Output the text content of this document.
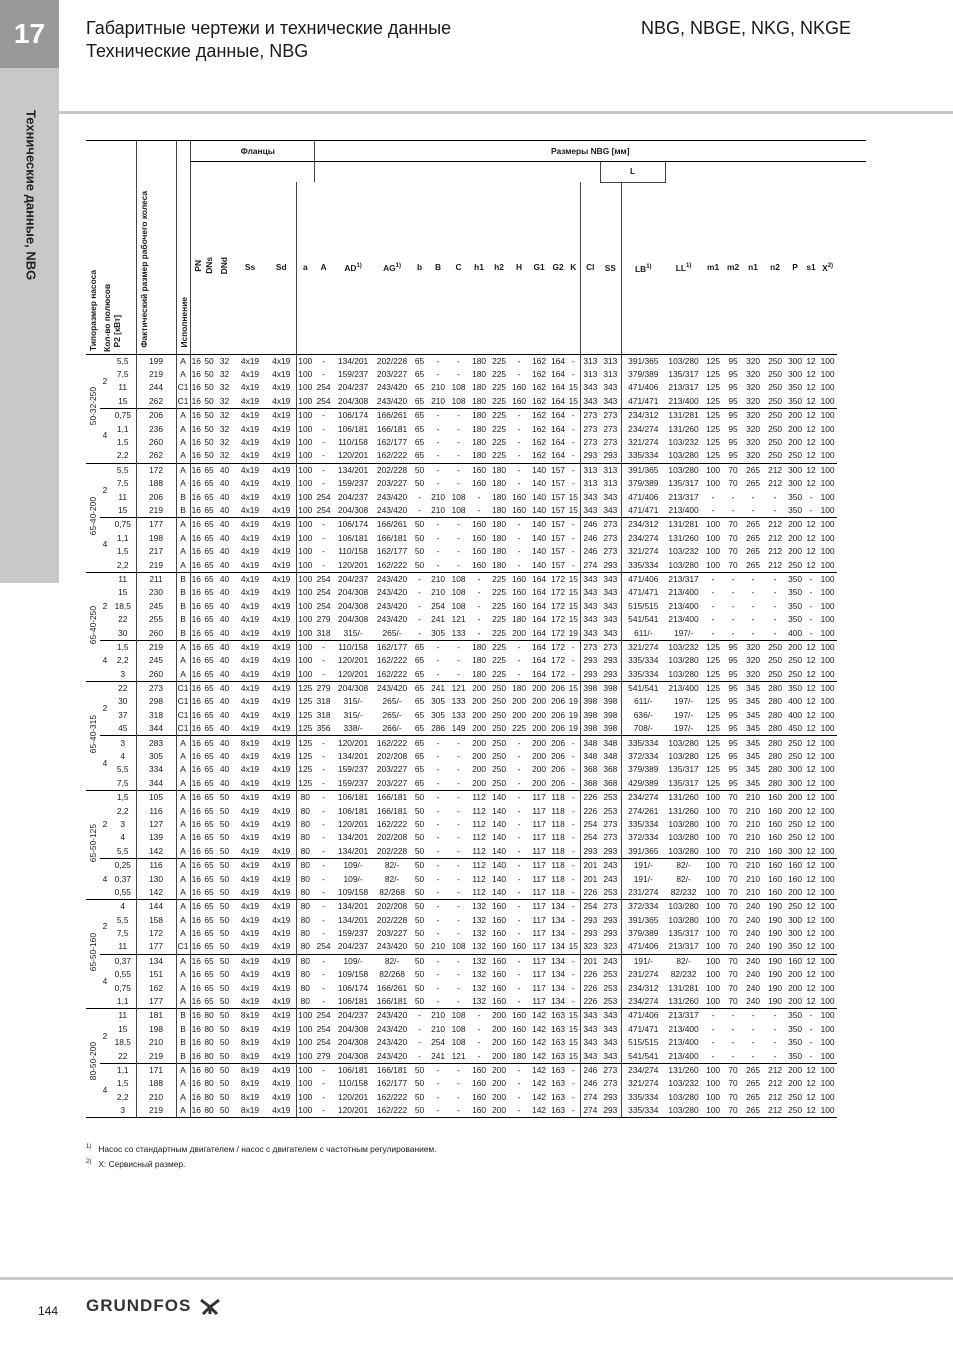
17
Технические данные, NBG
Габаритные чертежи и технические данные
Технические данные, NBG
NBG, NBGE, NKG, NKGE
Типоразмер насоса Кол-во полюсов		P2 [кВт]	Фактический размер рабочего колеса	Исполнение		Фланцы					Размеры NBG [мм]																						
																								L									
					PN	DNs	DNd	Ss	Sd	a	A	AD$^{1)}$	AG$^{1)}$	b	B	C	h1	h2	H	G1	G2	K	Cl	SS	LB$^{1)}$	LL$^{1)}$	m1	m2	n1	n2	P	s1	$X^{2)}$
50-32-250	2	5,5	199	A	16	50	32	4x19	4x19	100	-	134/201	202/228	65	-	-	180	225	-	162	164	-	313	313	391/365	103/280	125	95	320	250	300	12	100
		7,5	219	A	16	50	32	4x19	4x19	100	-	159/237	203/227	65	-	-	180	225	-	162	164	-	313	313	379/389	135/317	125	95	320	250	300	12	100
		11	244	C1	16	50	32	4x19	4x19	100	254	204/237	243/420	65	210	108	180	225	160	162	164	15	343	343	471/406	213/317	125	95	320	250	350	12	100
		15	262	C1	16	50	32	4x19	4x19	100	254	204/308	243/420	65	210	108	180	225	160	162	164	15	343	343	471/471	213/400	125	95	320	250	350	12	100
	4	0,75	206	A	16	50	32	4x19	4x19	100	-	106/174	166/261	65	-	-	180	225	-	162	164	-	273	273	234/312	131/281	125	95	320	250	200	12	100
		1,1	236	A	16	50	32	4x19	4x19	100	-	106/181	166/181	65	-	-	180	225	-	162	164	-	273	273	234/274	131/260	125	95	320	250	200	12	100
		1,5	260	A	16	50	32	4x19	4x19	100	-	110/158	162/177	65	-	-	180	225	-	162	164	-	273	273	321/274	103/232	125	95	320	250	200	12	100
		2,2	262	A	16	50	32	4x19	4x19	100	-	120/201	162/222	65	-	-	180	225	-	162	164	-	293	293	335/334	103/280	125	95	320	250	250	12	100
65-40-200	2	5,5	172	A	16	65	40	4x19	4x19	100	-	134/201	202/228	50	-	-	160	180	-	140	157	-	313	313	391/365	103/280	100	70	265	212	300	12	100
		7,5	188	A	16	65	40	4x19	4x19	100	-	159/237	203/227	50	-	-	160	180	-	140	157	-	313	313	379/389	135/317	100	70	265	212	300	12	100
		11	206	B	16	65	40	4x19	4x19	100	254	204/237	243/420	-	210	108	-	180	160	140	157	15	343	343	471/406	213/317	-	-	-	-	350	-	100
		15	219	B	16	65	40	4x19	4x19	100	254	204/308	243/420	-	210	108	-	180	160	140	157	15	343	343	471/471	213/400	-	-	-	-	350	-	100
	4	0,75	177	A	16	65	40	4x19	4x19	100	-	106/174	166/261	50	-	-	160	180	-	140	157	-	246	273	234/312	131/281	100	70	265	212	200	12	100
		1,1	198	A	16	65	40	4x19	4x19	100	-	106/181	166/181	50	-	-	160	180	-	140	157	-	246	273	234/274	131/260	100	70	265	212	200	12	100
		1,5	217	A	16	65	40	4x19	4x19	100	-	110/158	162/177	50	-	-	160	180	-	140	157	-	246	273	321/274	103/232	100	70	265	212	200	12	100
		2,2	219	A	16	65	40	4x19	4x19	100	-	120/201	162/222	50	-	-	160	180	-	140	157	-	274	293	335/334	103/280	100	70	265	212	250	12	100
65-40-250	2	11	211	B	16	65	40	4x19	4x19	100	254	204/237	243/420	-	210	108	-	225	160	164	172	15	343	343	471/406	213/317	-	-	-	-	350	-	100
		15	230	B	16	65	40	4x19	4x19	100	254	204/308	243/420	-	210	108	-	225	160	164	172	15	343	343	471/471	213/400	-	-	-	-	350	-	100
		18,5	245	B	16	65	40	4x19	4x19	100	254	204/308	243/420	-	254	108	-	225	160	164	172	15	343	343	515/515	213/400	-	-	-	-	350	-	100
		22	255	B	16	65	40	4x19	4x19	100	279	204/308	243/420	-	241	121	-	225	180	164	172	15	343	343	541/541	213/400	-	-	-	-	350	-	100
		30	260	B	16	65	40	4x19	4x19	100	318	315/-	265/-	-	305	133	-	225	200	164	172	19	343	343	611/-	197/-	-	-	-	-	400	-	100
	4	1,5	219	A	16	65	40	4x19	4x19	100	-	110/158	162/177	65	-	-	180	225	-	164	172	-	273	273	321/274	103/232	125	95	320	250	200	12	100
		2,2	245	A	16	65	40	4x19	4x19	100	-	120/201	162/222	65	-	-	180	225	-	164	172	-	293	293	335/334	103/280	125	95	320	250	250	12	100
		3	260	A	16	65	40	4x19	4x19	100	-	120/201	162/222	65	-	-	180	225	-	164	172	-	293	293	335/334	103/280	125	95	320	250	250	12	100
65-40-315	2	22	273	C1	16	65	40	4x19	4x19	125	279	204/308	243/420	65	241	121	200	250	180	200	206	15	398	398	541/541	213/400	125	95	345	280	350	12	100
		30	298	C1	16	65	40	4x19	4x19	125	318	315/-	265/-	65	305	133	200	250	200	200	206	19	398	398	611/-	197/-	125	95	345	280	400	12	100
		37	318	C1	16	65	40	4x19	4x19	125	318	315/-	265/-	65	305	133	200	250	200	200	206	19	398	398	636/-	197/-	125	95	345	280	400	12	100
		45	344	C1	16	65	40	4x19	4x19	125	356	338/-	266/-	65	286	149	200	250	225	200	206	19	398	398	708/-	197/-	125	95	345	280	450	12	100
	4	3	283	A	16	65	40	8x19	4x19	125	-	120/201	162/222	65	-	-	200	250	-	200	206	-	348	348	335/334	103/280	125	95	345	280	250	12	100
		4	305	A	16	65	40	4x19	4x19	125	-	134/201	202/208	65	-	-	200	250	-	200	206	-	348	348	372/334	103/280	125	95	345	280	250	12	100
		5,5	334	A	16	65	40	4x19	4x19	125	-	159/237	203/227	65	-	-	200	250	-	200	206	-	368	368	379/389	135/317	125	95	345	280	300	12	100
		7,5	344	A	16	65	40	4x19	4x19	125	-	159/237	203/227	65	-	-	200	250	-	200	206	-	368	368	429/389	135/317	125	95	345	280	300	12	100
65-50-125	2	1,5	105	A	16	65	50	4x19	4x19	80	-	106/181	166/181	50	-	-	112	140	-	117	118	-	226	253	234/274	131/260	100	70	210	160	200	12	100
		2,2	116	A	16	65	50	4x19	4x19	80	-	106/181	166/181	50	-	-	112	140	-	117	118	-	226	253	274/261	131/260	100	70	210	160	200	12	100
		3	127	A	16	65	50	4x19	4x19	80	-	120/201	162/222	50	-	-	112	140	-	117	118	-	254	273	335/334	103/280	100	70	210	160	250	12	100
		4	139	A	16	65	50	4x19	4x19	80	-	134/201	202/208	50	-	-	112	140	-	117	118	-	254	273	372/334	103/280	100	70	210	160	250	12	100
		5,5	142	A	16	65	50	4x19	4x19	80	-	134/201	202/228	50	-	-	112	140	-	117	118	-	293	293	391/365	103/280	100	70	210	160	300	12	100
	4	0,25	116	A	16	65	50	4x19	4x19	80	-	109/-	82/-	50	-	-	112	140	-	117	118	-	201	243	191/-	82/-	100	70	210	160	160	12	100
		0,37	130	A	16	65	50	4x19	4x19	80	-	109/-	82/-	50	-	-	112	140	-	117	118	-	201	243	191/-	82/-	100	70	210	160	160	12	100
		0,55	142	A	16	65	50	4x19	4x19	80	-	109/158	82/268	50	-	-	112	140	-	117	118	-	226	253	231/274	82/232	100	70	210	160	200	12	100
65-50-160	2	4	144	A	16	65	50	4x19	4x19	80	-	134/201	202/208	50	-	-	132	160	-	117	134	-	254	273	372/334	103/280	100	70	240	190	250	12	100
		5,5	158	A	16	65	50	4x19	4x19	80	-	134/201	202/228	50	-	-	132	160	-	117	134	-	293	293	391/365	103/280	100	70	240	190	300	12	100
		7,5	172	A	16	65	50	4x19	4x19	80	-	159/237	203/227	50	-	-	132	160	-	117	134	-	293	293	379/389	135/317	100	70	240	190	300	12	100
		11	177	C1	16	65	50	4x19	4x19	80	254	204/237	243/420	50	210	108	132	160	160	117	134	15	323	323	471/406	213/317	100	70	240	190	350	12	100
	4	0,37	134	A	16	65	50	4x19	4x19	80	-	109/-	82/-	50	-	-	132	160	-	117	134	-	201	243	191/-	82/-	100	70	240	190	160	12	100
		0,55	151	A	16	65	50	4x19	4x19	80	-	109/158	82/268	50	-	-	132	160	-	117	134	-	226	253	231/274	82/232	100	70	240	190	200	12	100
		0,75	162	A	16	65	50	4x19	4x19	80	-	106/174	166/261	50	-	-	132	160	-	117	134	-	226	253	234/312	131/281	100	70	240	190	200	12	100
		1,1	177	A	16	65	50	4x19	4x19	80	-	106/181	166/181	50	-	-	132	160	-	117	134	-	226	253	234/274	131/260	100	70	240	190	200	12	100
80-50-200	2	11	181	B	16	80	50	8x19	4x19	100	254	204/237	243/420	-	210	108	-	200	160	142	163	15	343	343	471/406	213/317	-	-	-	-	350	-	100
		15	198	B	16	80	50	8x19	4x19	100	254	204/308	243/420	-	210	108	-	200	160	142	163	15	343	343	471/471	213/400	-	-	-	-	350	-	100
		18,5	210	B	16	80	50	8x19	4x19	100	254	204/308	243/420	-	254	108	-	200	160	142	163	15	343	343	515/515	213/400	-	-	-	-	350	-	100
		22	219	B	16	80	50	8x19	4x19	100	279	204/308	243/420	-	241	121	-	200	180	142	163	15	343	343	541/541	213/400	-	-	-	-	350	-	100
	4	1,1	171	A	16	80	50	8x19	4x19	100	-	106/181	166/181	50	-	-	160	200	-	142	163	-	246	273	234/274	131/260	100	70	265	212	200	12	100
		1,5	188	A	16	80	50	8x19	4x19	100	-	110/158	162/177	50	-	-	160	200	-	142	163	-	246	273	321/274	103/232	100	70	265	212	200	12	100
		2,2	210	A	16	80	50	8x19	4x19	100	-	120/201	162/222	50	-	-	160	200	-	142	163	-	274	293	335/334	103/280	100	70	265	212	250	12	100
		3	219	A	16	80	50	8x19	4x19	100	-	120/201	162/222	50	-	-	160	200	-	142	163	-	274	293	335/334	103/280	100	70	265	212	250	12	100
$^{1)}$ Насос со стандартным двигателем / насос с двигателем с частотным регулированием.
$^{2)}$ X: Сервисный размер.
144 GRUNDFOS
